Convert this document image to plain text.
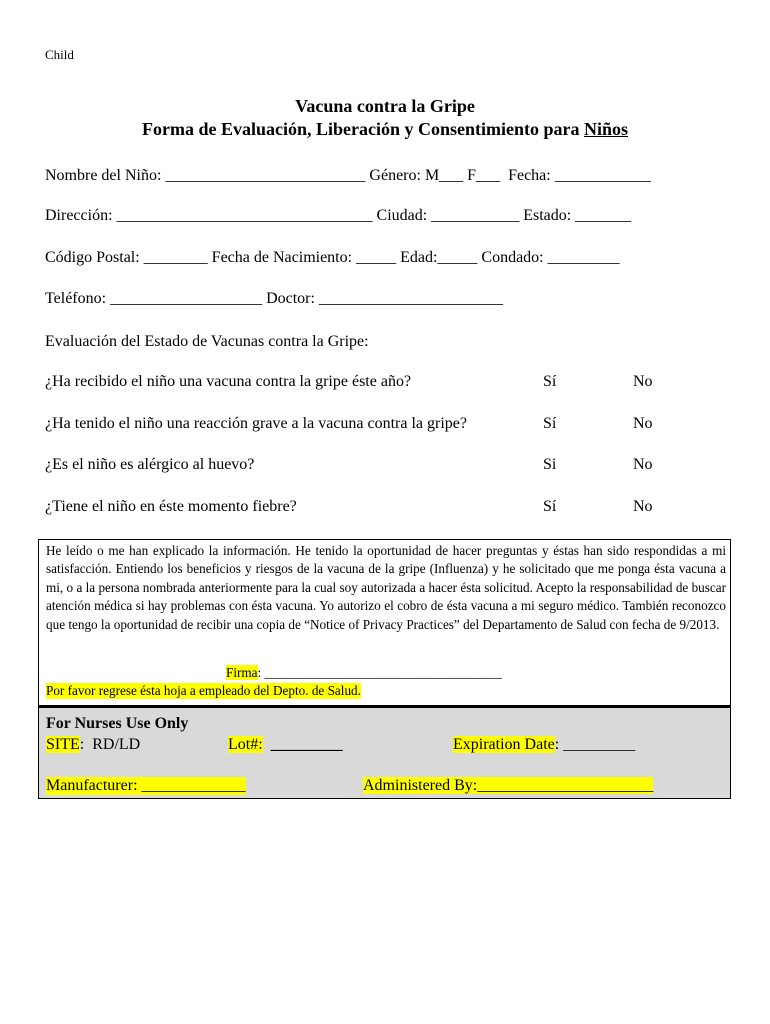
Child
Vacuna contra la Gripe
Forma de Evaluación, Liberación y Consentimiento para Niños
Nombre del Niño: _________________________ Género: M___ F___  Fecha: ____________
Dirección: ________________________________ Ciudad: ___________ Estado: _______
Código Postal: ________ Fecha de Nacimiento: _____ Edad:_____ Condado: _________
Teléfono: ___________________ Doctor: _______________________
Evaluación del Estado de Vacunas contra la Gripe:
¿Ha recibido el niño una vacuna contra la gripe éste año?	Sí	No
¿Ha tenido el niño una reacción grave a la vacuna contra la gripe?	Sí	No
¿Es el niño es alérgico al huevo?	Si	No
¿Tiene el niño en éste momento fiebre?	Sí	No

He leído o me han explicado la información. He tenido la oportunidad de hacer preguntas y éstas han sido respondidas a mi satisfacción. Entiendo los beneficios y riesgos de la vacuna de la gripe (Influenza) y he solicitado que me ponga ésta vacuna a mi, o a la persona nombrada anteriormente para la cual soy autorizada a hacer ésta solicitud. Acepto la responsabilidad de buscar atención médica si hay problemas con ésta vacuna. Yo autorizo el cobro de ésta vacuna a mi seguro médico. También reconozco que tengo la oportunidad de recibir una copia de “Notice of Privacy Practices” del Departamento de Salud con fecha de 9/2013.

Firma: ____________________________________

Por favor regrese ésta hoja a empleado del Depto. de Salud.

For Nurses Use Only

SITE:  RD/LD

	Lot#:  _________

	Expiration Date: _________

Manufacturer: _____________

	Administered By:______________________
